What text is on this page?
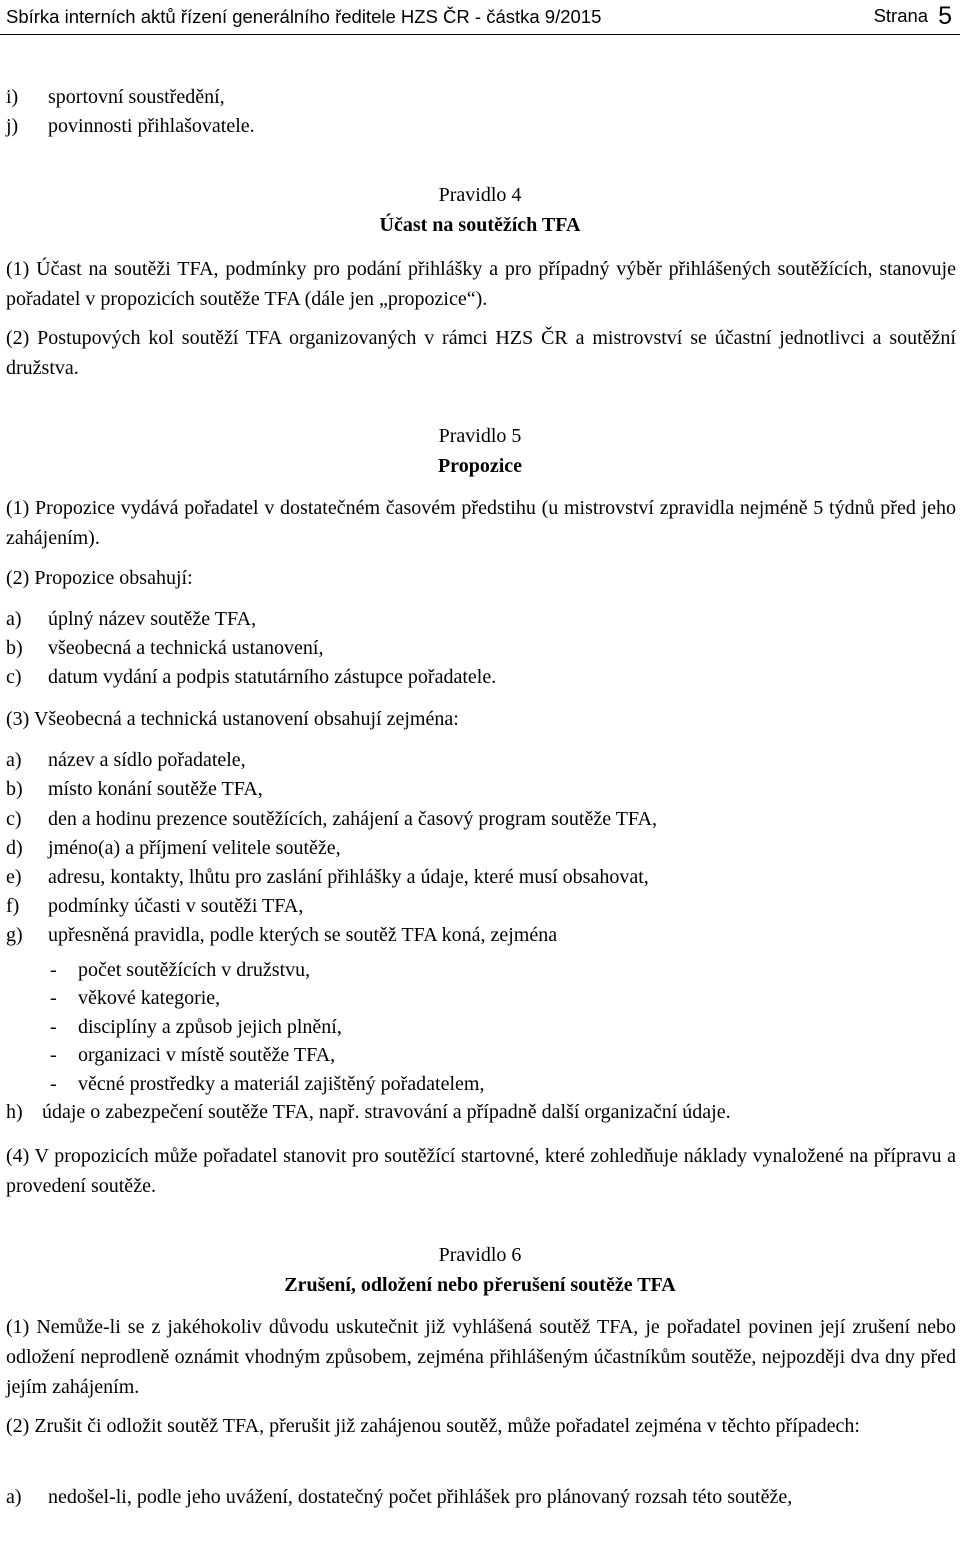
Sbírka interních aktů řízení generálního ředitele HZS ČR - částka 9/2015	Strana 5
i) sportovní soustředění,
j) povinnosti přihlašovatele.
Pravidlo 4
Účast na soutěžích TFA
(1) Účast na soutěži TFA, podmínky pro podání přihlášky a pro případný výběr přihlášených soutěžících, stanovuje pořadatel v propozicích soutěže TFA (dále jen „propozice“).
(2) Postupových kol soutěží TFA organizovaných v rámci HZS ČR a mistrovství se účastní jednotlivci a soutěžní družstva.
Pravidlo 5
Propozice
(1) Propozice vydává pořadatel v dostatečném časovém předstihu (u mistrovství zpravidla nejméně 5 týdnů před jeho zahájením).
(2) Propozice obsahují:
a) úplný název soutěže TFA,
b) všeobecná a technická ustanovení,
c) datum vydání a podpis statutárního zástupce pořadatele.
(3) Všeobecná a technická ustanovení obsahují zejména:
a) název a sídlo pořadatele,
b) místo konání soutěže TFA,
c) den a hodinu prezence soutěžících, zahájení a časový program soutěže TFA,
d) jméno(a) a příjmení velitele soutěže,
e) adresu, kontakty, lhůtu pro zaslání přihlášky a údaje, které musí obsahovat,
f) podmínky účasti v soutěži TFA,
g) upřesněná pravidla, podle kterých se soutěž TFA koná, zejména
- počet soutěžících v družstvu,
- věkové kategorie,
- disciplíny a způsob jejich plnění,
- organizaci v místě soutěže TFA,
- věcné prostředky a materiál zajištěný pořadatelem,
h) údaje o zabezpečení soutěže TFA, např. stravování a případně další organizační údaje.
(4) V propozicích může pořadatel stanovit pro soutěžící startovné, které zohledňuje náklady vynaložené na přípravu a provedení soutěže.
Pravidlo 6
Zrušení, odložení nebo přerušení soutěže TFA
(1) Nemůže-li se z jakéhokoliv důvodu uskutečnit již vyhlášená soutěž TFA, je pořadatel povinen její zrušení nebo odložení neprodleně oznámit vhodným způsobem, zejména přihlášeným účastníkům soutěže, nejpozději dva dny před jejím zahájením.
(2) Zrušit či odložit soutěž TFA, přerušit již zahájenou soutěž, může pořadatel zejména v těchto případech:
a) nedošel-li, podle jeho uvážení, dostatečný počet přihlášek pro plánovaný rozsah této soutěže,
